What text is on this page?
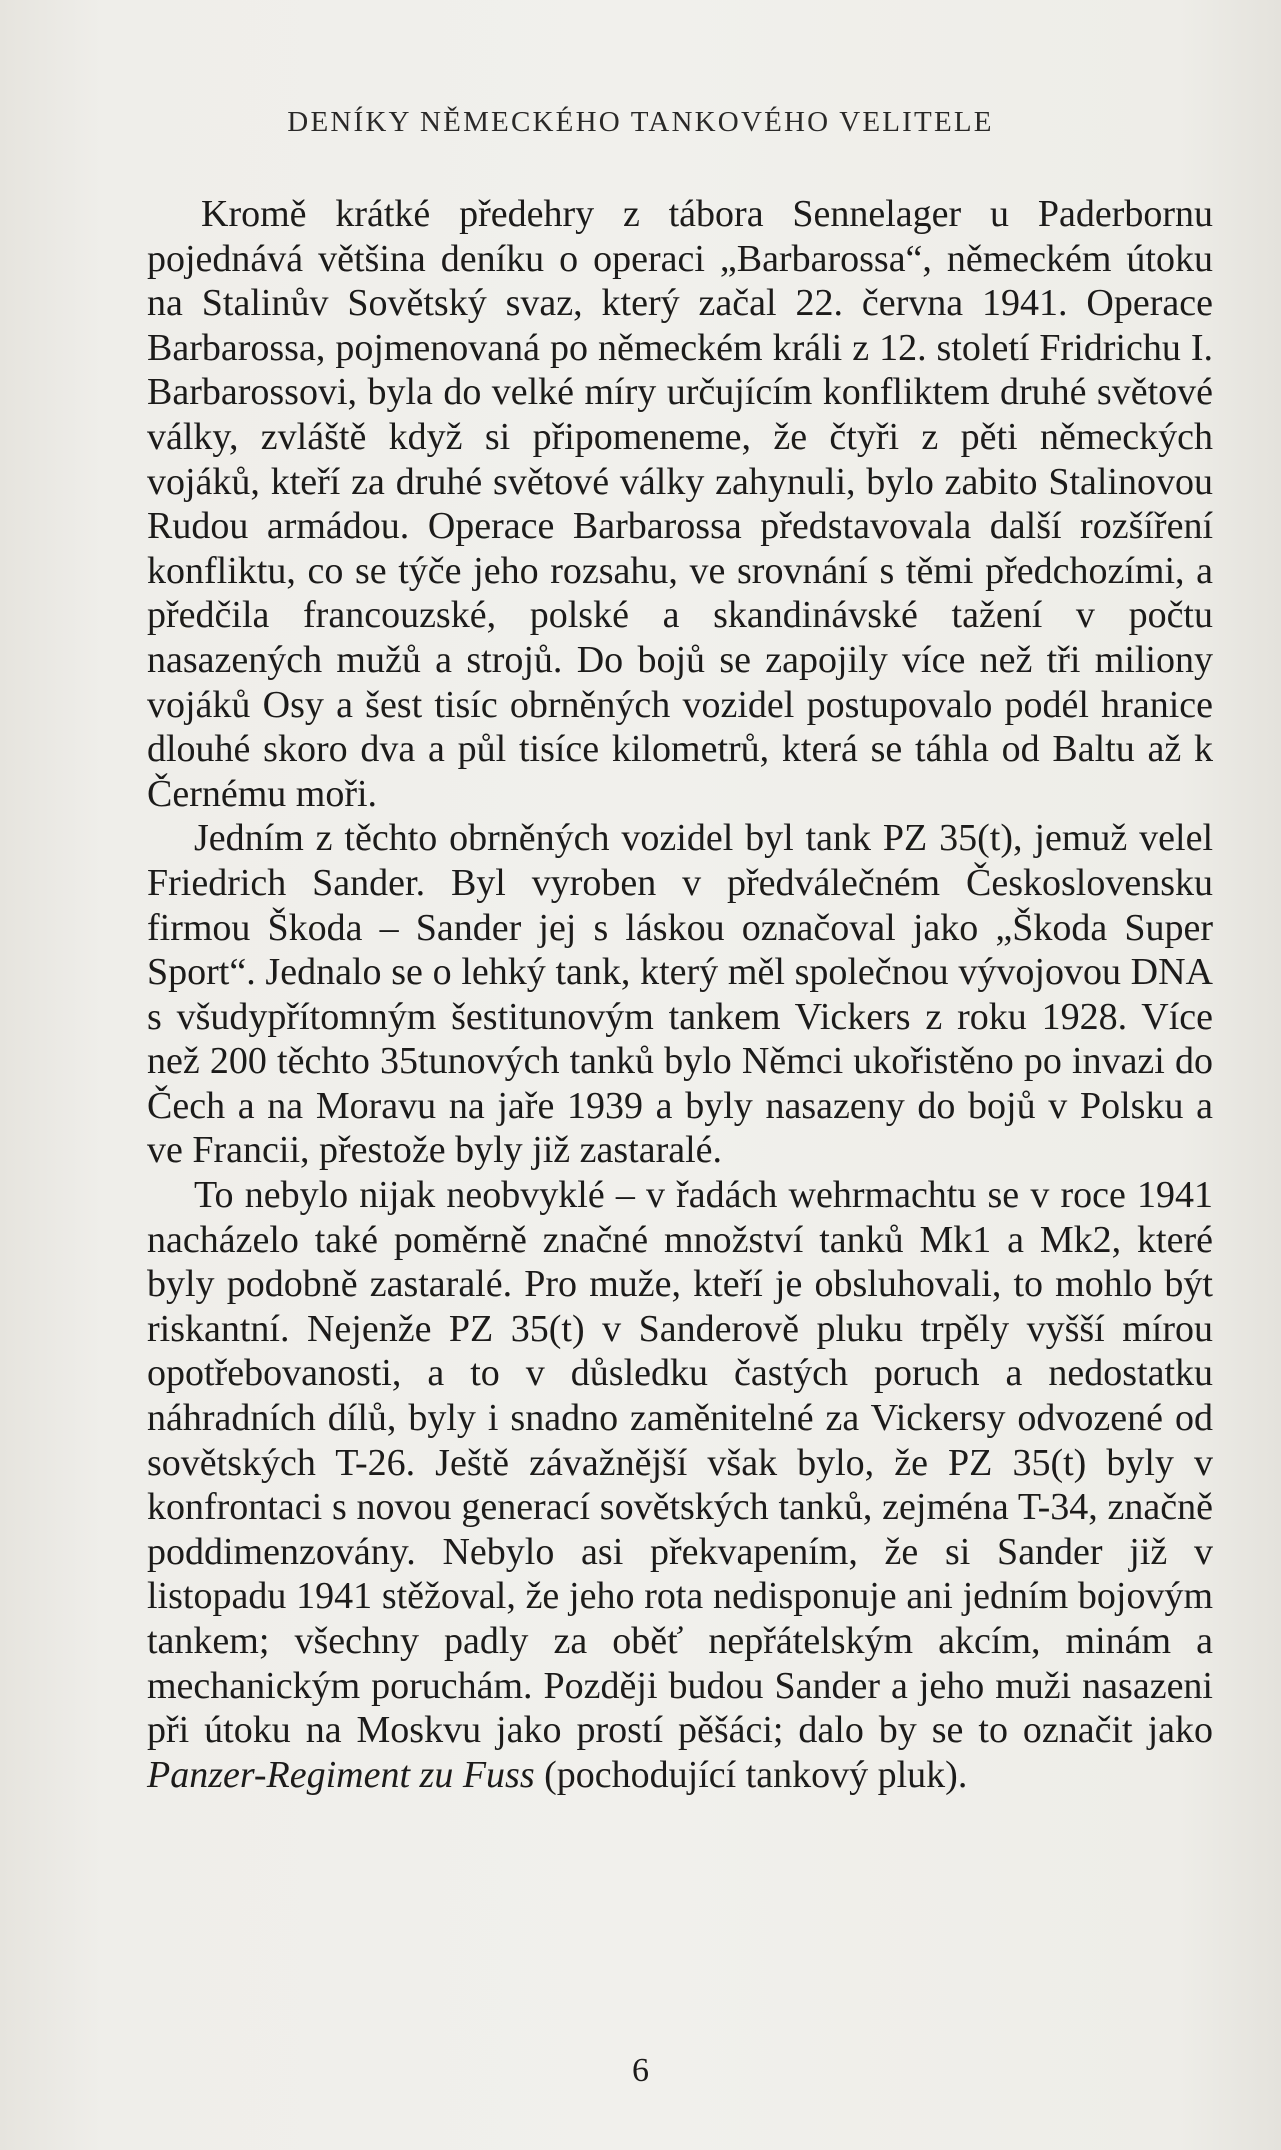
DENÍKY NĚMECKÉHO TANKOVÉHO VELITELE

Kromě krátké předehry z tábora Sennelager u Paderbornu pojednává většina deníku o operaci „Barbarossa“, německém útoku na Stalinův Sovětský svaz, který začal 22. června 1941. Operace Barbarossa, pojmenovaná po německém králi z 12. století Fridrichu I. Barbarossovi, byla do velké míry určujícím konfliktem druhé světové války, zvláště když si připomeneme, že čtyři z pěti německých vojáků, kteří za druhé světové války zahynuli, bylo zabito Stalinovou Rudou armádou. Operace Barbarossa představovala další rozšíření konfliktu, co se týče jeho rozsahu, ve srovnání s těmi předchozími, a předčila francouzské, polské a skandinávské tažení v počtu nasazených mužů a strojů. Do bojů se zapojily více než tři miliony vojáků Osy a šest tisíc obrněných vozidel postupovalo podél hranice dlouhé skoro dva a půl tisíce kilometrů, která se táhla od Baltu až k Černému moři.

Jedním z těchto obrněných vozidel byl tank PZ 35(t), jemuž velel Friedrich Sander. Byl vyroben v předválečném Československu firmou Škoda – Sander jej s láskou označoval jako „Škoda Super Sport“. Jednalo se o lehký tank, který měl společnou vývojovou DNA s všudypřítomným šestitunovým tankem Vickers z roku 1928. Více než 200 těchto 35tunových tanků bylo Němci ukořistěno po invazi do Čech a na Moravu na jaře 1939 a byly nasazeny do bojů v Polsku a ve Francii, přestože byly již zastaralé.

To nebylo nijak neobvyklé – v řadách wehrmachtu se v roce 1941 nacházelo také poměrně značné množství tanků Mk1 a Mk2, které byly podobně zastaralé. Pro muže, kteří je obsluhovali, to mohlo být riskantní. Nejenže PZ 35(t) v Sanderově pluku trpěly vyšší mírou opotřebovanosti, a to v důsledku častých poruch a nedostatku náhradních dílů, byly i snadno zaměnitelné za Vickersy odvozené od sovětských T-26. Ještě závažnější však bylo, že PZ 35(t) byly v konfrontaci s novou generací sovětských tanků, zejména T-34, značně poddimenzovány. Nebylo asi překvapením, že si Sander již v listopadu 1941 stěžoval, že jeho rota nedisponuje ani jedním bojovým tankem; všechny padly za oběť nepřátelským akcím, minám a mechanickým poruchám. Později budou Sander a jeho muži nasazeni při útoku na Moskvu jako prostí pěšáci; dalo by se to označit jako Panzer-Regiment zu Fuss (pochodující tankový pluk).

6
